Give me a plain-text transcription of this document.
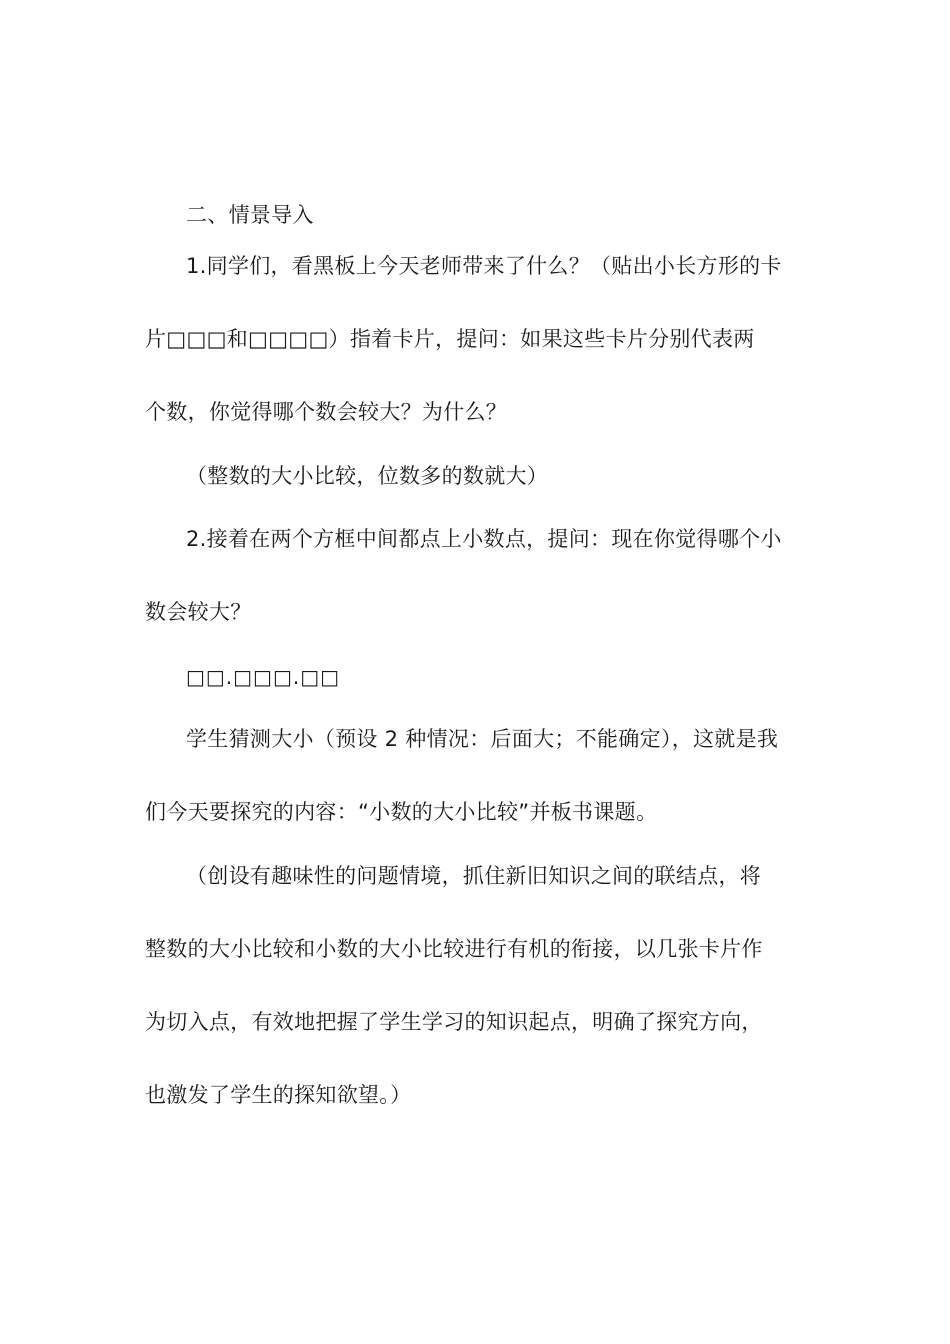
二、情景导入
1.同学们，看黑板上今天老师带来了什么？（贴出小长方形的卡
片□□□和□□□□）指着卡片，提问：如果这些卡片分别代表两
个数，你觉得哪个数会较大？为什么？
（整数的大小比较，位数多的数就大）
2.接着在两个方框中间都点上小数点，提问：现在你觉得哪个小
数会较大？
□□.□□□.□□
学生猜测大小（预设 2 种情况：后面大；不能确定），这就是我
们今天要探究的内容：“小数的大小比较”并板书课题。
（创设有趣味性的问题情境，抓住新旧知识之间的联结点，将
整数的大小比较和小数的大小比较进行有机的衔接，以几张卡片作
为切入点，有效地把握了学生学习的知识起点，明确了探究方向，
也激发了学生的探知欲望。）
